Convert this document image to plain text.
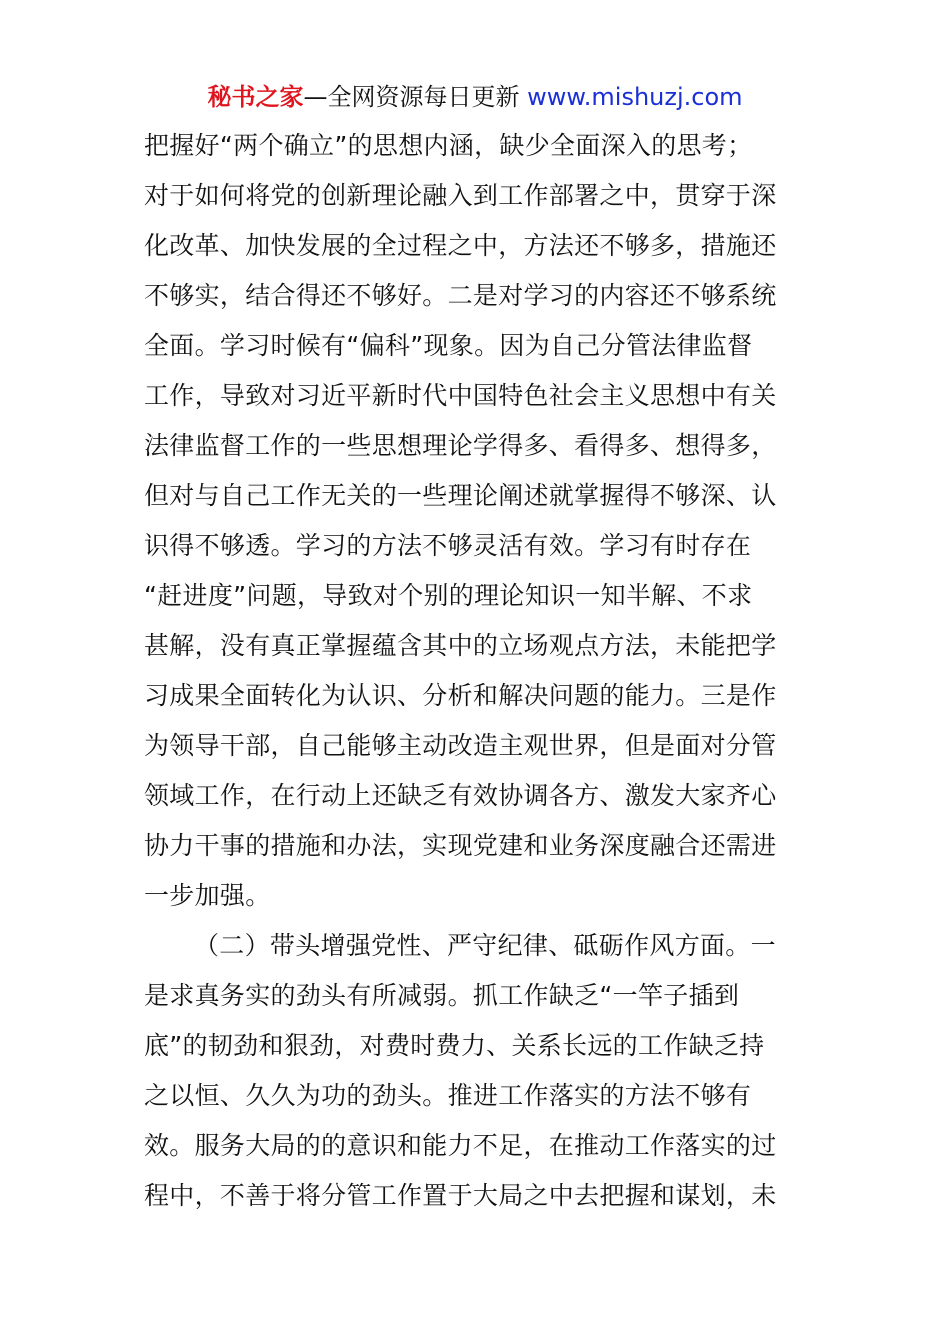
秘书之家—全网资源每日更新 www.mishuzj.com
把握好“两个确立”的思想内涵，缺少全面深入的思考；
对于如何将党的创新理论融入到工作部署之中，贯穿于深
化改革、加快发展的全过程之中，方法还不够多，措施还
不够实，结合得还不够好。二是对学习的内容还不够系统
全面。学习时候有“偏科”现象。因为自己分管法律监督
工作，导致对习近平新时代中国特色社会主义思想中有关
法律监督工作的一些思想理论学得多、看得多、想得多，
但对与自己工作无关的一些理论阐述就掌握得不够深、认
识得不够透。学习的方法不够灵活有效。学习有时存在
“赶进度”问题，导致对个别的理论知识一知半解、不求
甚解，没有真正掌握蕴含其中的立场观点方法，未能把学
习成果全面转化为认识、分析和解决问题的能力。三是作
为领导干部，自己能够主动改造主观世界，但是面对分管
领域工作，在行动上还缺乏有效协调各方、激发大家齐心
协力干事的措施和办法，实现党建和业务深度融合还需进
一步加强。
（二）带头增强党性、严守纪律、砥砺作风方面。一
是求真务实的劲头有所减弱。抓工作缺乏“一竿子插到
底”的韧劲和狠劲，对费时费力、关系长远的工作缺乏持
之以恒、久久为功的劲头。推进工作落实的方法不够有
效。服务大局的的意识和能力不足，在推动工作落实的过
程中，不善于将分管工作置于大局之中去把握和谋划，未
